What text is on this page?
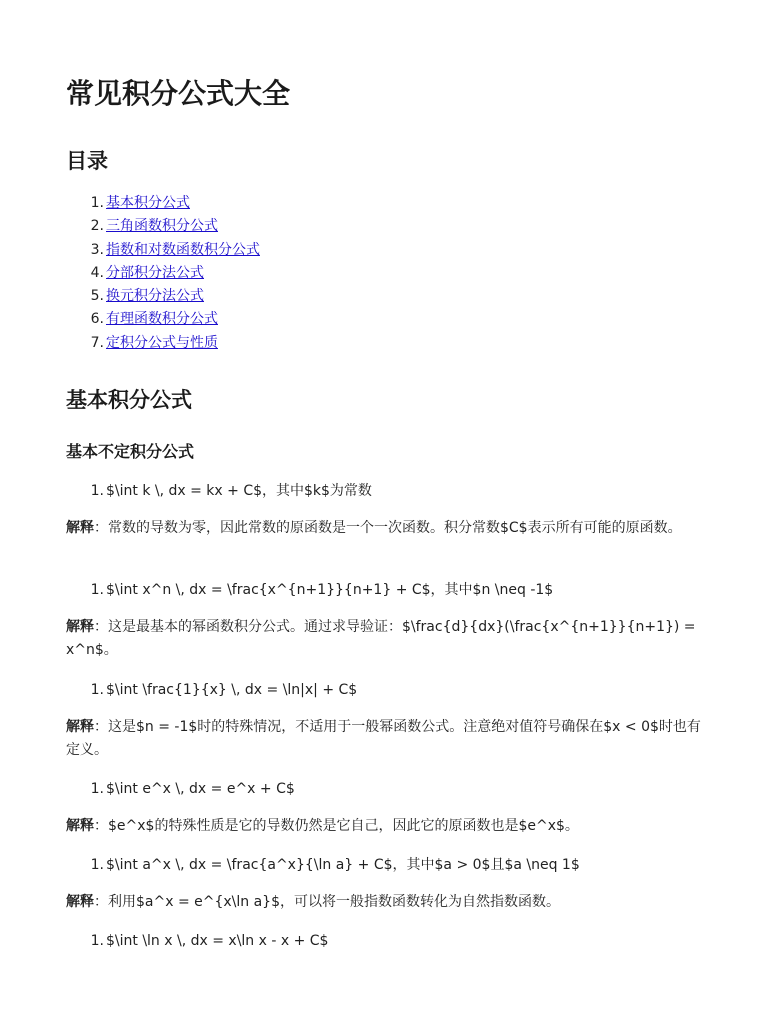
常见积分公式大全
目录
1. 基本积分公式
2. 三角函数积分公式
3. 指数和对数函数积分公式
4. 分部积分法公式
5. 换元积分法公式
6. 有理函数积分公式
7. 定积分公式与性质
基本积分公式
基本不定积分公式
1. $\int k \, dx = kx + C$，其中$k$为常数

解释：常数的导数为零，因此常数的原函数是一个一次函数。积分常数$C$表示所有可能的原函数。

1. $\int x^n \, dx = \frac{x^{n+1}}{n+1} + C$，其中$n \neq -1$

解释：这是最基本的幂函数积分公式。通过求导验证：$\frac{d}{dx}(\frac{x^{n+1}}{n+1}) = x^n$。

1. $\int \frac{1}{x} \, dx = \ln|x| + C$

解释：这是$n = -1$时的特殊情况，不适用于一般幂函数公式。注意绝对值符号确保在$x < 0$时也有定义。

1. $\int e^x \, dx = e^x + C$

解释：$e^x$的特殊性质是它的导数仍然是它自己，因此它的原函数也是$e^x$。

1. $\int a^x \, dx = \frac{a^x}{\ln a} + C$，其中$a > 0$且$a \neq 1$

解释：利用$a^x = e^{x\ln a}$，可以将一般指数函数转化为自然指数函数。

1. $\int \ln x \, dx = x\ln x - x + C$
